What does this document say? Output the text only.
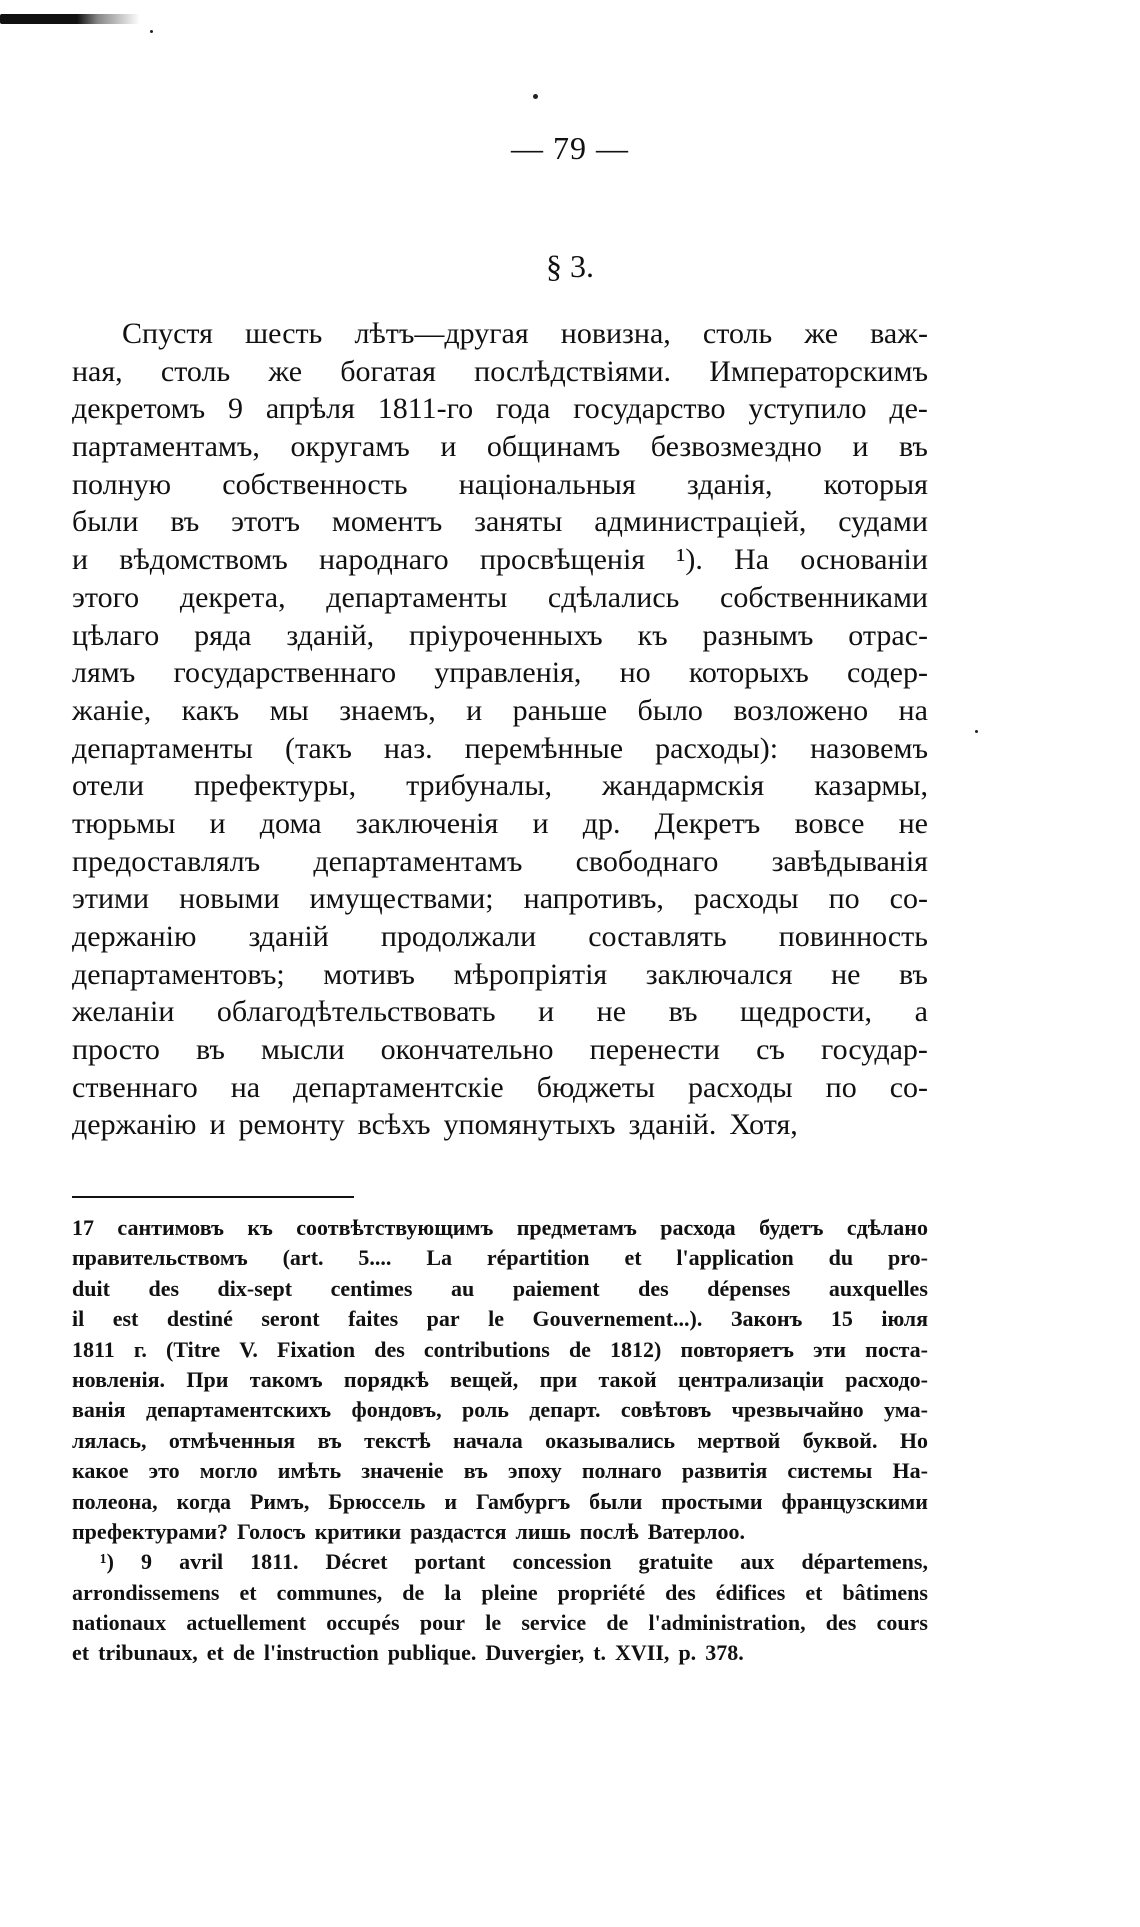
— 79 —
§ 3.
Спустя шесть лѣтъ—другая новизна, столь же важ-
ная, столь же богатая послѣдствіями. Императорскимъ
декретомъ 9 апрѣля 1811-го года государство уступило де-
партаментамъ, округамъ и общинамъ безвозмездно и въ
полную собственность національныя зданія, которыя
были въ этотъ моментъ заняты администраціей, судами
и вѣдомствомъ народнаго просвѣщенія ¹). На основаніи
этого декрета, департаменты сдѣлались собственниками
цѣлаго ряда зданій, пріуроченныхъ къ разнымъ отрас-
лямъ государственнаго управленія, но которыхъ содер-
жаніе, какъ мы знаемъ, и раньше было возложено на
департаменты (такъ наз. перемѣнные расходы): назовемъ
отели префектуры, трибуналы, жандармскія казармы,
тюрьмы и дома заключенія и др. Декретъ вовсе не
предоставлялъ департаментамъ свободнаго завѣдыванія
этими новыми имуществами; напротивъ, расходы по со-
держанію зданій продолжали составлять повинность
департаментовъ; мотивъ мѣропріятія заключался не въ
желаніи облагодѣтельствовать и не въ щедрости, а
просто въ мысли окончательно перенести съ государ-
ственнаго на департаментскіе бюджеты расходы по со-
держанію и ремонту всѣхъ упомянутыхъ зданій. Хотя,
17 сантимовъ къ соотвѣтствующимъ предметамъ расхода будетъ сдѣлано
правительствомъ (art. 5.... La répartition et l'application du pro-
duit des dix-sept centimes au paiement des dépenses auxquelles
il est destiné seront faites par le Gouvernement...). Законъ 15 іюля
1811 г. (Titre V. Fixation des contributions de 1812) повторяетъ эти поста-
новленія. При такомъ порядкѣ вещей, при такой централизаціи расходо-
ванія департаментскихъ фондовъ, роль департ. совѣтовъ чрезвычайно ума-
лялась, отмѣченныя въ текстѣ начала оказывались мертвой буквой. Но
какое это могло имѣть значеніе въ эпоху полнаго развитія системы На-
полеона, когда Римъ, Брюссель и Гамбургъ были простыми французскими
префектурами? Голосъ критики раздастся лишь послѣ Ватерлоо.
¹) 9 avril 1811. Décret portant concession gratuite aux départemens,
arrondissemens et communes, de la pleine propriété des édifices et bâtimens
nationaux actuellement occupés pour le service de l'administration, des cours
et tribunaux, et de l'instruction publique. Duvergier, t. XVII, p. 378.
